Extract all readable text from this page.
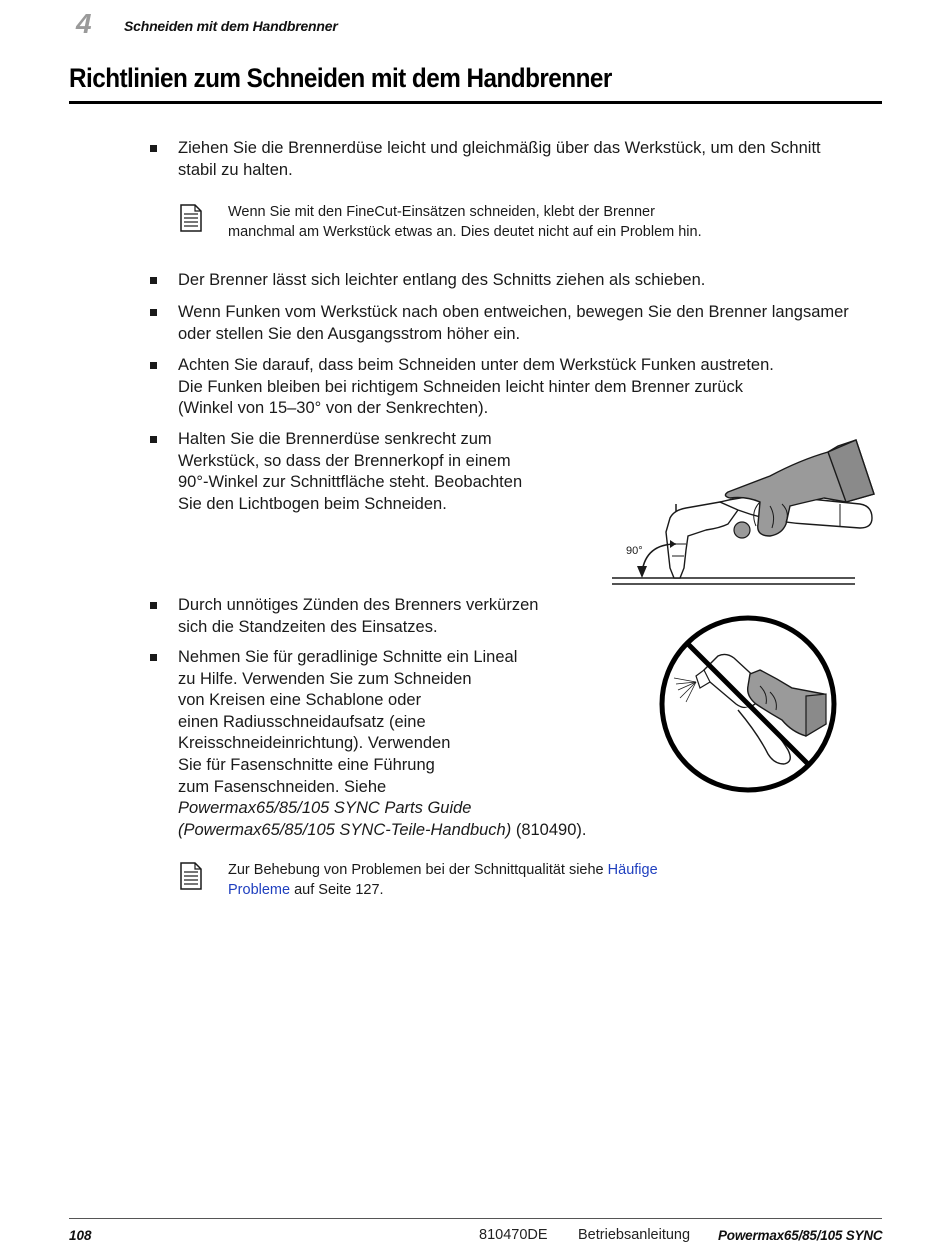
4 Schneiden mit dem Handbrenner
Richtlinien zum Schneiden mit dem Handbrenner
Ziehen Sie die Brennerdüse leicht und gleichmäßig über das Werkstück, um den Schnitt
stabil zu halten.
Wenn Sie mit den FineCut-Einsätzen schneiden, klebt der Brenner
manchmal am Werkstück etwas an. Dies deutet nicht auf ein Problem hin.
Der Brenner lässt sich leichter entlang des Schnitts ziehen als schieben.
Wenn Funken vom Werkstück nach oben entweichen, bewegen Sie den Brenner langsamer
oder stellen Sie den Ausgangsstrom höher ein.
Achten Sie darauf, dass beim Schneiden unter dem Werkstück Funken austreten.
Die Funken bleiben bei richtigem Schneiden leicht hinter dem Brenner zurück
(Winkel von 15–30° von der Senkrechten).
Halten Sie die Brennerdüse senkrecht zum
Werkstück, so dass der Brennerkopf in einem
90°-Winkel zur Schnittfläche steht. Beobachten
Sie den Lichtbogen beim Schneiden.
90°
Durch unnötiges Zünden des Brenners verkürzen
sich die Standzeiten des Einsatzes.
Nehmen Sie für geradlinige Schnitte ein Lineal
zu Hilfe. Verwenden Sie zum Schneiden
von Kreisen eine Schablone oder
einen Radiusschneidaufsatz (eine
Kreisschneideinrichtung). Verwenden
Sie für Fasenschnitte eine Führung
zum Fasenschneiden. Siehe
Powermax65/85/105 SYNC Parts Guide
(Powermax65/85/105 SYNC-Teile-Handbuch) (810490).
Zur Behebung von Problemen bei der Schnittqualität siehe Häufige
Probleme auf Seite 127.
108	810470DE Betriebsanleitung Powermax65/85/105 SYNC
